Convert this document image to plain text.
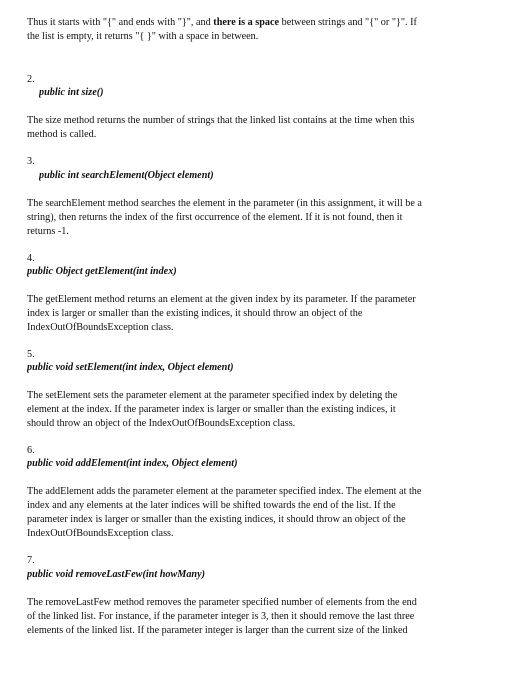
Thus it starts with "{" and ends with "}", and there is a space between strings and "{" or "}". If
the list is empty, it returns "{ }" with a space in between.
2.
public int size()
The size method returns the number of strings that the linked list contains at the time when this
method is called.
3.
public int searchElement(Object element)
The searchElement method searches the element in the parameter (in this assignment, it will be a
string), then returns the index of the first occurrence of the element. If it is not found, then it
returns -1.
4.
public Object getElement(int index)
The getElement method returns an element at the given index by its parameter. If the parameter
index is larger or smaller than the existing indices, it should throw an object of the
IndexOutOfBoundsException class.
5.
public void setElement(int index, Object element)
The setElement sets the parameter element at the parameter specified index by deleting the
element at the index. If the parameter index is larger or smaller than the existing indices, it
should throw an object of the IndexOutOfBoundsException class.
6.
public void addElement(int index, Object element)
The addElement adds the parameter element at the parameter specified index. The element at the
index and any elements at the later indices will be shifted towards the end of the list. If the
parameter index is larger or smaller than the existing indices, it should throw an object of the
IndexOutOfBoundsException class.
7.
public void removeLastFew(int howMany)
The removeLastFew method removes the parameter specified number of elements from the end
of the linked list. For instance, if the parameter integer is 3, then it should remove the last three
elements of the linked list. If the parameter integer is larger than the current size of the linked
